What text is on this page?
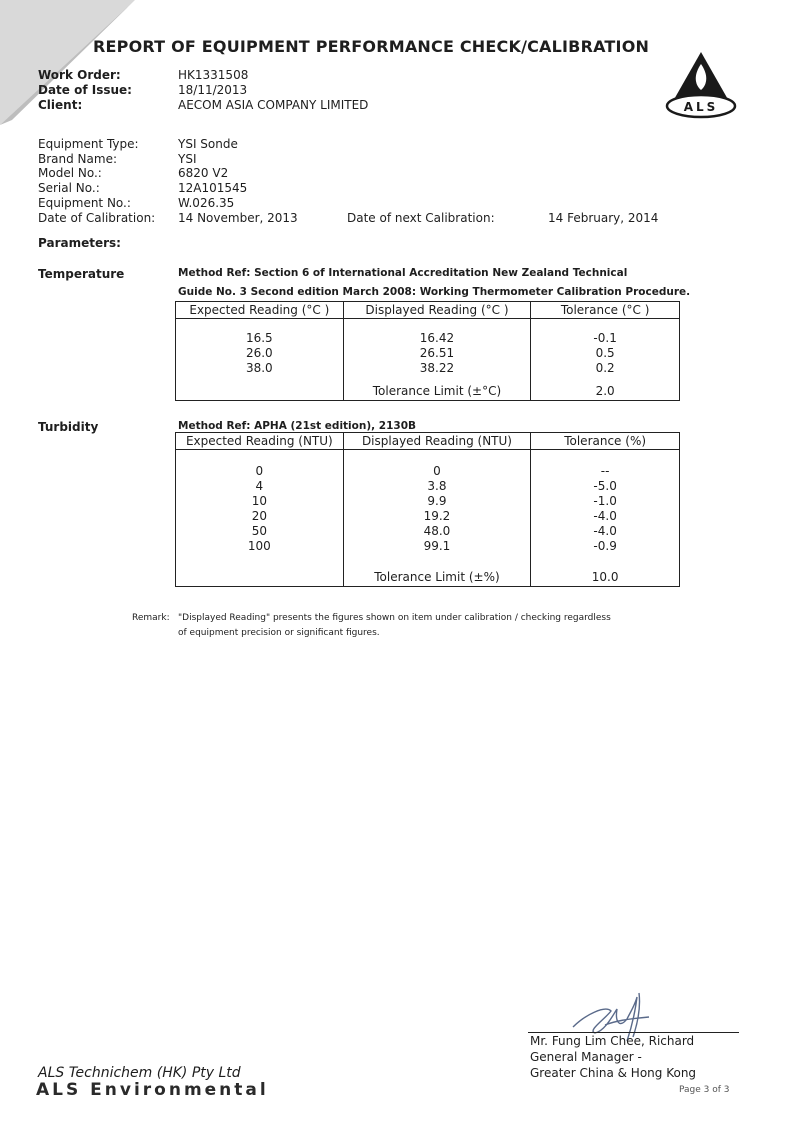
REPORT OF EQUIPMENT PERFORMANCE CHECK/CALIBRATION
ALS
Work Order:	HK1331508
Date of Issue:	18/11/2013
Client:	AECOM ASIA COMPANY LIMITED
Equipment Type:	YSI Sonde
Brand Name:	YSI
Model No.:	6820 V2
Serial No.:	12A101545
Equipment No.:	W.026.35
Date of Calibration: 14 November, 2013	Date of next Calibration:	14 February, 2014
Parameters:
Temperature	Method Ref: Section 6 of International Accreditation New Zealand Technical
Guide No. 3 Second edition March 2008: Working Thermometer Calibration Procedure.
Expected Reading (°C )	Displayed Reading (°C )	Tolerance (°C )

16.5	16.42	-0.1
26.0	26.51	0.5
38.0	38.22	0.2
	Tolerance Limit (±°C)	2.0
Turbidity	Method Ref: APHA (21st edition), 2130B
Expected Reading (NTU)	Displayed Reading (NTU)	Tolerance (%)

0	0	--
4	3.8	-5.0
10	9.9	-1.0
20	19.2	-4.0
50	48.0	-4.0
100	99.1	-0.9
	Tolerance Limit (±%)	10.0
Remark: "Displayed Reading" presents the figures shown on item under calibration / checking regardless
of equipment precision or significant figures.
Mr. Fung Lim Chee, Richard
General Manager -
Greater China & Hong Kong
ALS Technichem (HK) Pty Ltd
ALS Environmental	Page 3 of 3
